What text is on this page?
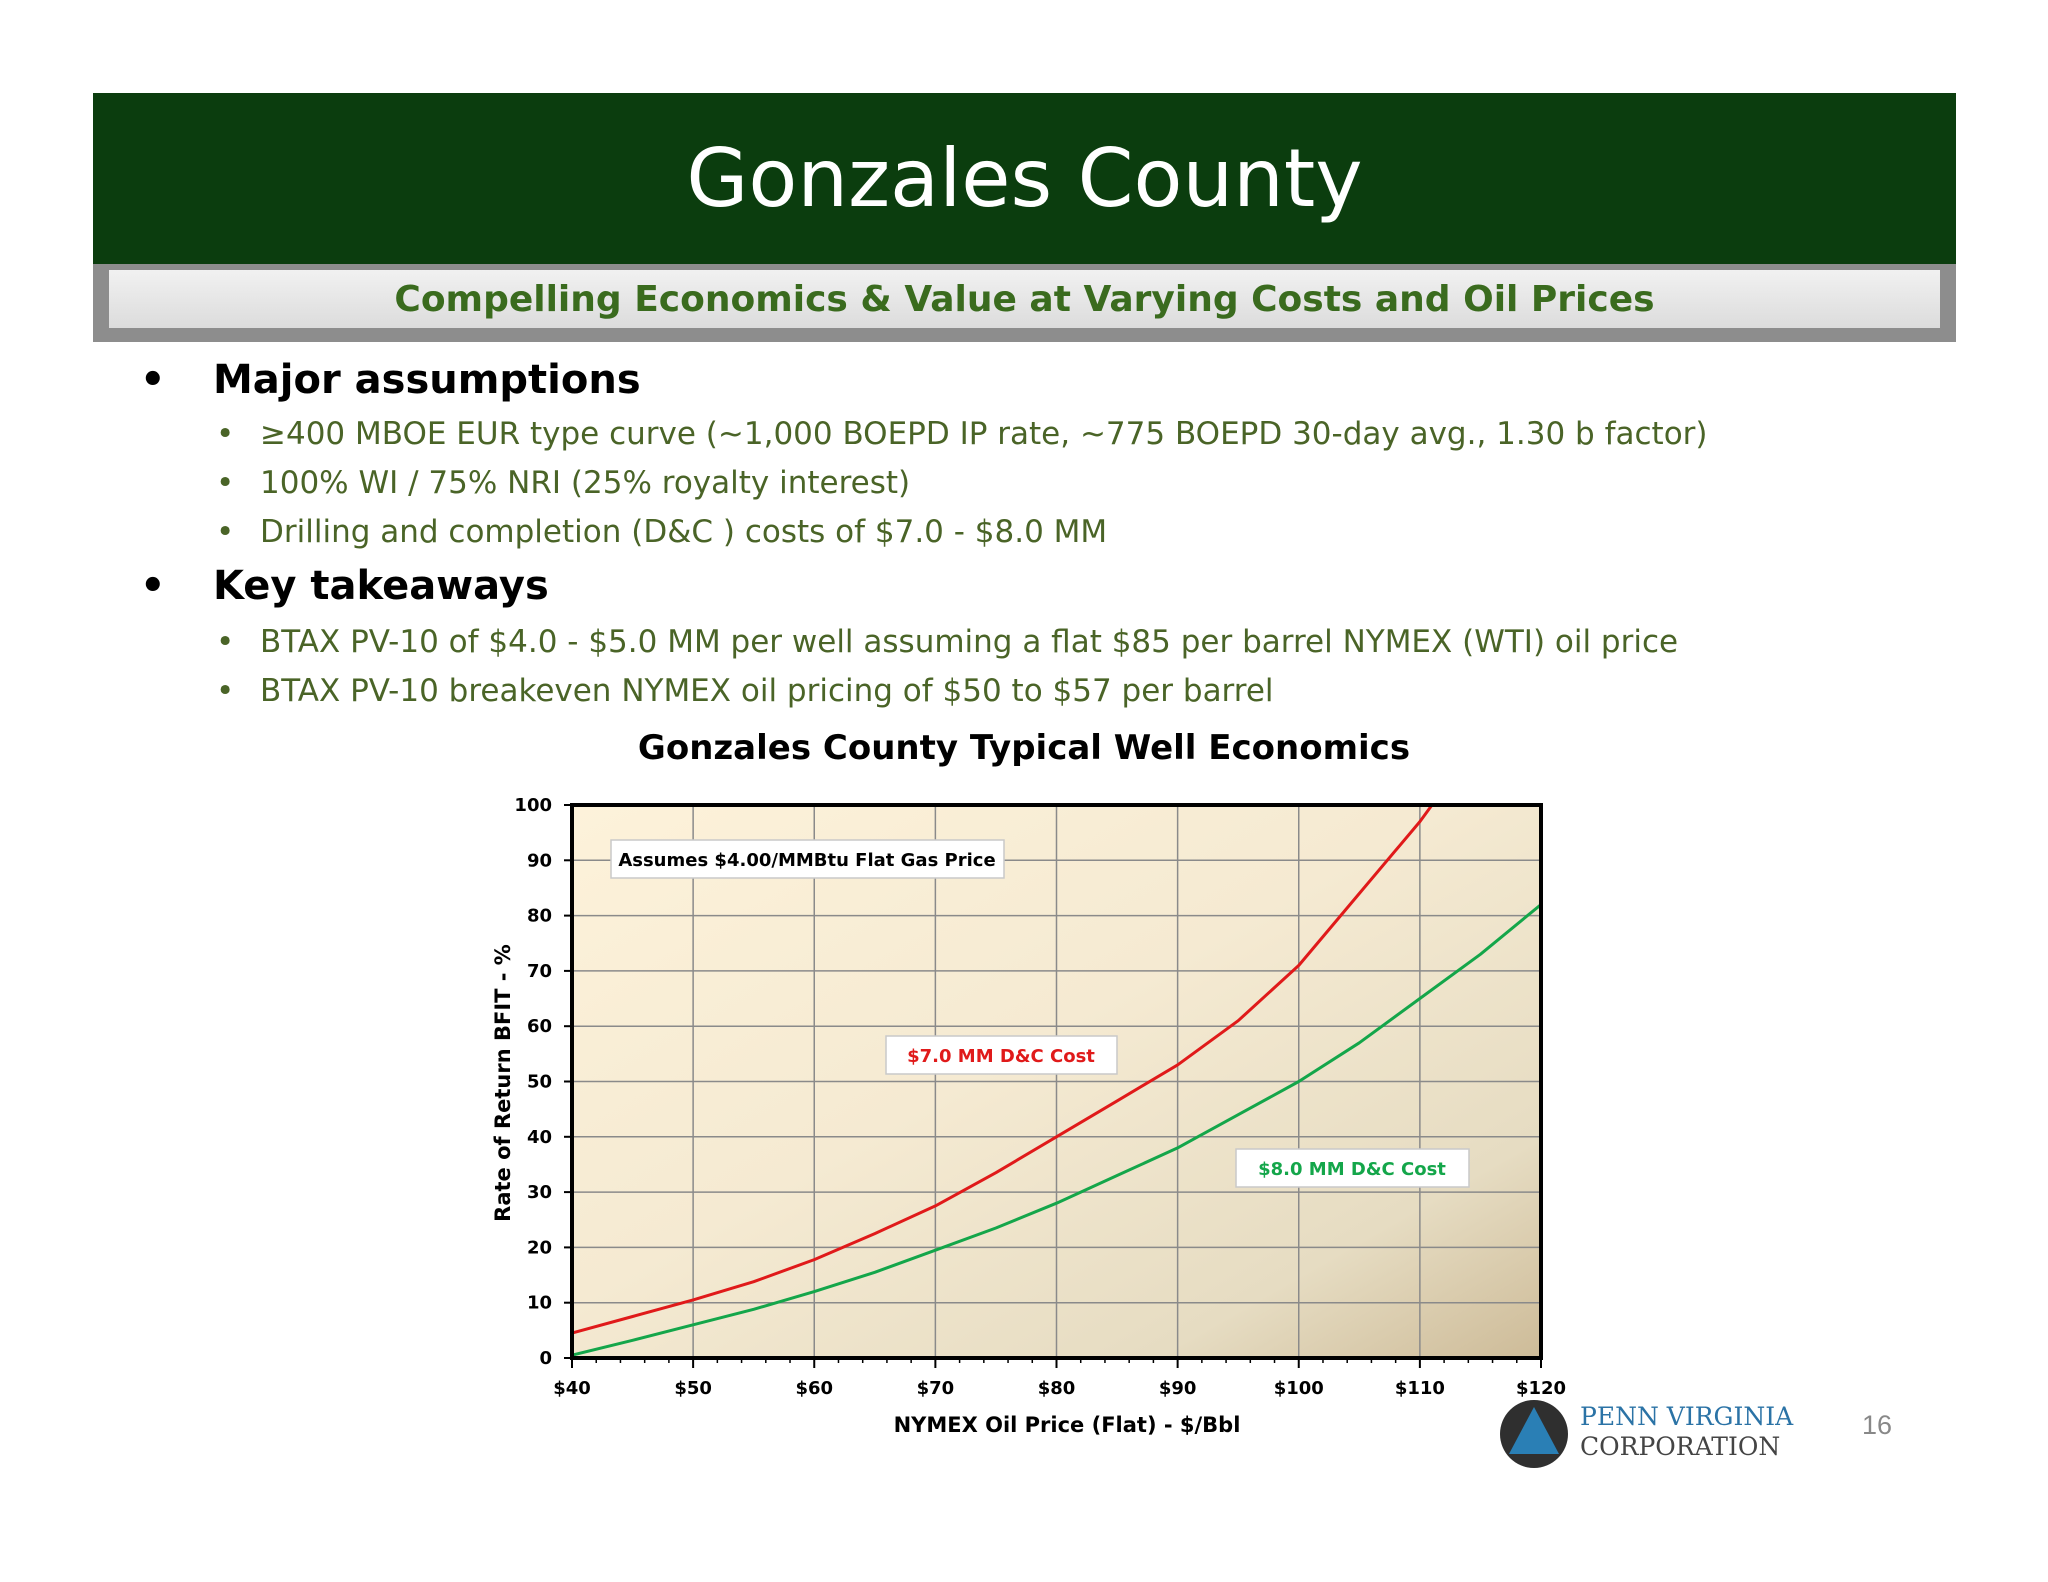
Gonzales County
Compelling Economics & Value at Varying Costs and Oil Prices
• Major assumptions
• ≥400 MBOE EUR type curve (~1,000 BOEPD IP rate, ~775 BOEPD 30-day avg., 1.30 b factor)
• 100% WI / 75% NRI (25% royalty interest)
• Drilling and completion (D&C ) costs of $7.0 - $8.0 MM
• Key takeaways
• BTAX PV-10 of $4.0 - $5.0 MM per well assuming a flat $85 per barrel NYMEX (WTI) oil price
• BTAX PV-10 breakeven NYMEX oil pricing of $50 to $57 per barrel
Gonzales County Typical Well Economics
0
10
20
30
40
50
60
70
80
90
100
$40	$50	$60	$70	$80	$90	$100	$110	$120
NYMEX Oil Price (Flat) - $/Bbl
Rate of Return BFIT - %
Assumes $4.00/MMBtu Flat Gas Price
$7.0 MM D&C Cost
$8.0 MM D&C Cost
PENN VIRGINIA
CORPORATION
16
